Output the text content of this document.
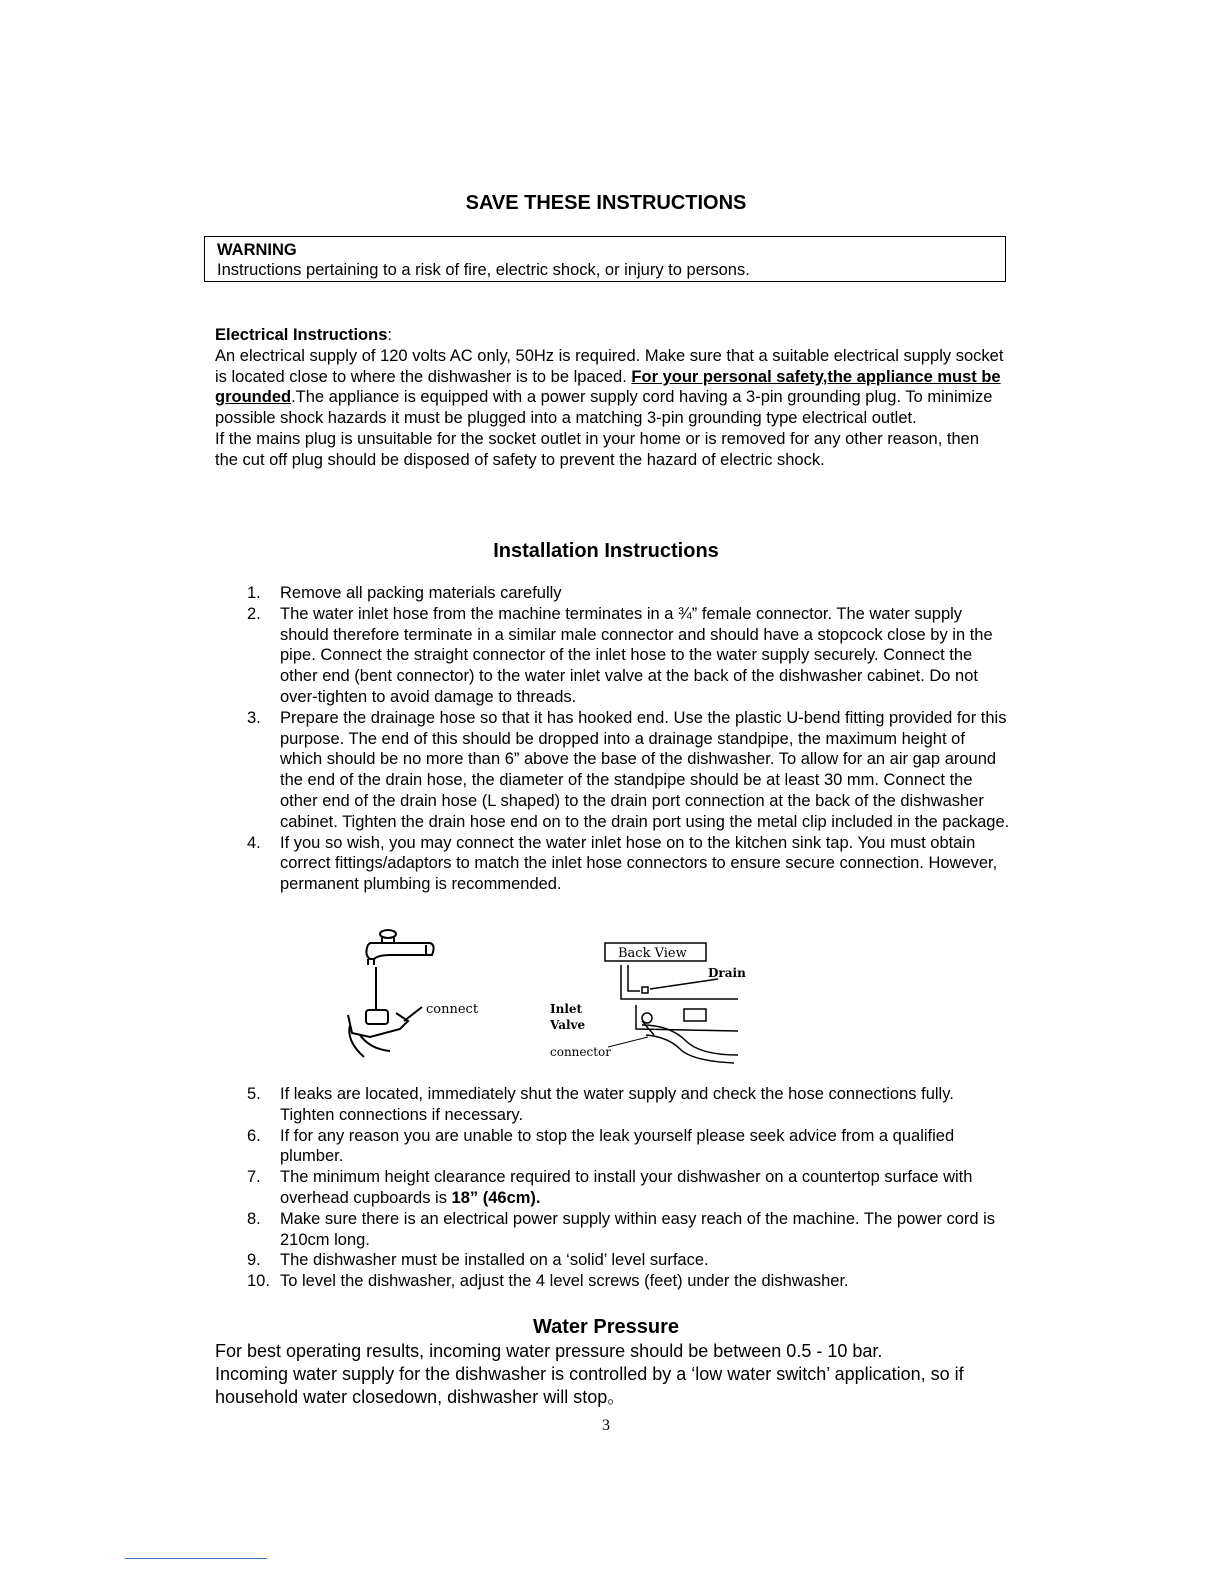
SAVE THESE INSTRUCTIONS
WARNING
Instructions pertaining to a risk of fire, electric shock, or injury to persons.

Electrical Instructions:

An electrical supply of 120 volts AC only, 50Hz is required. Make sure that a suitable electrical supply socket is located close to where the dishwasher is to be lpaced. For your personal safety,the appliance must be grounded.The appliance is equipped with a power supply cord having a 3-pin grounding plug. To minimize possible shock hazards it must be plugged into a matching 3-pin grounding type electrical outlet.

If the mains plug is unsuitable for the socket outlet in your home or is removed for any other reason, then the cut off plug should be disposed of safety to prevent the hazard of electric shock.

Installation Instructions
1. Remove all packing materials carefully
2. The water inlet hose from the machine terminates in a ¾” female connector. The water supply should therefore terminate in a similar male connector and should have a stopcock close by in the pipe. Connect the straight connector of the inlet hose to the water supply securely. Connect the other end (bent connector) to the water inlet valve at the back of the dishwasher cabinet. Do not over-tighten to avoid damage to threads.
3. Prepare the drainage hose so that it has hooked end. Use the plastic U-bend fitting provided for this purpose. The end of this should be dropped into a drainage standpipe, the maximum height of which should be no more than 6” above the base of the dishwasher. To allow for an air gap around the end of the drain hose, the diameter of the standpipe should be at least 30 mm. Connect the other end of the drain hose (L shaped) to the drain port connection at the back of the dishwasher cabinet. Tighten the drain hose end on to the drain port using the metal clip included in the package.
4. If you so wish, you may connect the water inlet hose on to the kitchen sink tap. You must obtain correct fittings/adaptors to match the inlet hose connectors to ensure secure connection. However, permanent plumbing is recommended.
connect
Back View
Drain
Inlet
Valve
connector
5. If leaks are located, immediately shut the water supply and check the hose connections fully. Tighten connections if necessary.
6. If for any reason you are unable to stop the leak yourself please seek advice from a qualified plumber.
7. The minimum height clearance required to install your dishwasher on a countertop surface with overhead cupboards is 18” (46cm).
8. Make sure there is an electrical power supply within easy reach of the machine. The power cord is 210cm long.
9. The dishwasher must be installed on a ‘solid’ level surface.
10. To level the dishwasher, adjust the 4 level screws (feet) under the dishwasher.
Water Pressure

For best operating results, incoming water pressure should be between 0.5 - 10 bar.

Incoming water supply for the dishwasher is controlled by a ‘low water switch’ application, so if household water closedown, dishwasher will stop。

3
